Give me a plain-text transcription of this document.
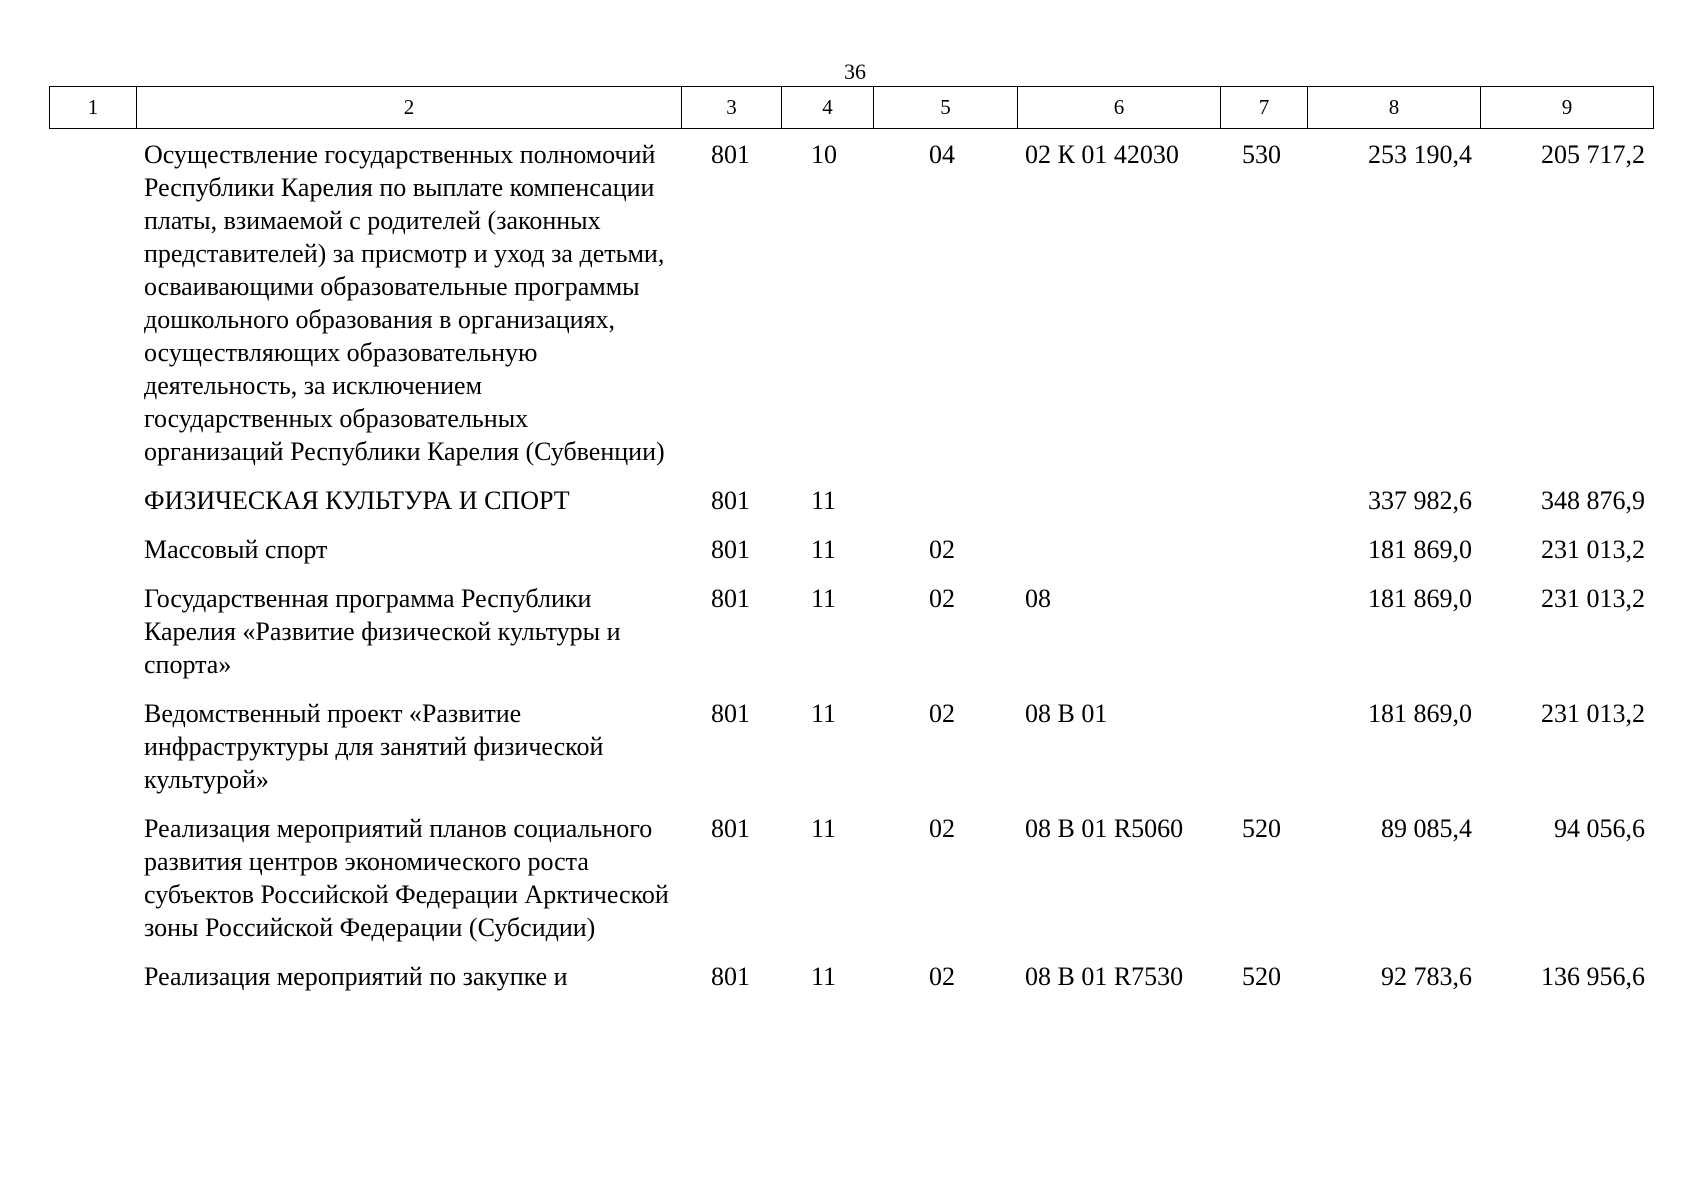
36
1	2	3	4	5	6	7	8	9
Осуществление государственных полномочий Республики Карелия по выплате компенсации платы, взимаемой с родителей (законных представителей) за присмотр и уход за детьми, осваивающими образовательные программы дошкольного образования в организациях, осуществляющих образовательную деятельность, за исключением государственных образовательных организаций Республики Карелия (Субвенции)	801	10	04	02 К 01 42030	530	253 190,4	205 717,2
ФИЗИЧЕСКАЯ КУЛЬТУРА И СПОРТ	801	11				337 982,6	348 876,9
Массовый спорт	801	11	02			181 869,0	231 013,2
Государственная программа Республики Карелия «Развитие физической культуры и спорта»	801	11	02	08		181 869,0	231 013,2
Ведомственный проект «Развитие инфраструктуры для занятий физической культурой»	801	11	02	08 В 01		181 869,0	231 013,2
Реализация мероприятий планов социального развития центров экономического роста субъектов Российской Федерации Арктической зоны Российской Федерации (Субсидии)	801	11	02	08 В 01 R5060	520	89 085,4	94 056,6
Реализация мероприятий по закупке и	801	11	02	08 В 01 R7530	520	92 783,6	136 956,6
